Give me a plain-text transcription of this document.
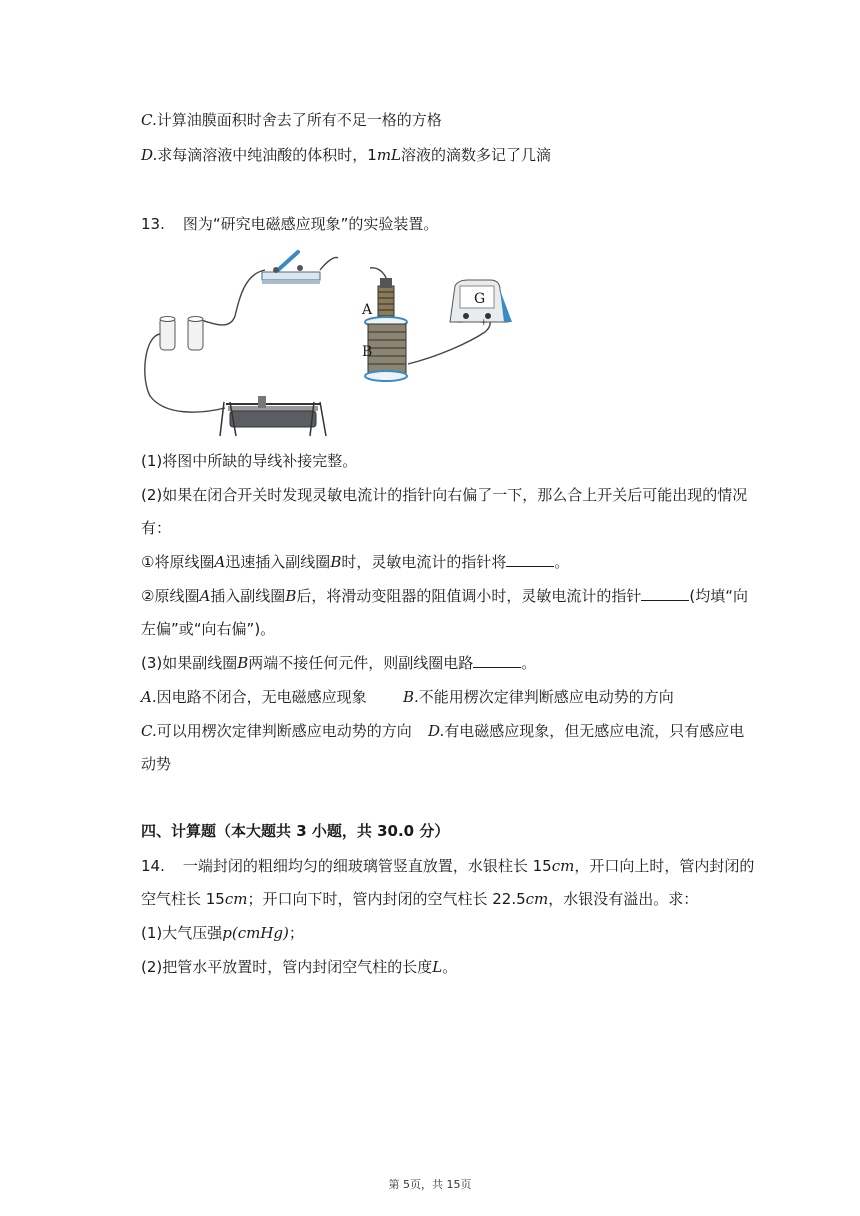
C.计算油膜面积时舍去了所有不足一格的方格
D.求每滴溶液中纯油酸的体积时，1mL溶液的滴数多记了几滴
13. 图为“研究电磁感应现象”的实验装置。
A
B
G
− +
(1)将图中所缺的导线补接完整。
(2)如果在闭合开关时发现灵敏电流计的指针向右偏了一下，那么合上开关后可能出现的情况
有：
①将原线圈A迅速插入副线圈B时，灵敏电流计的指针将	。
②原线圈A插入副线圈B后，将滑动变阻器的阻值调小时，灵敏电流计的指针	(均填“向
左偏”或“向右偏”)。
(3)如果副线圈B两端不接任何元件，则副线圈电路	。
A.因电路不闭合，无电磁感应现象 B.不能用楞次定律判断感应电动势的方向
C.可以用楞次定律判断感应电动势的方向 D.有电磁感应现象，但无感应电流，只有感应电
动势
四、计算题（本大题共 3 小题，共 30.0 分）
14. 一端封闭的粗细均匀的细玻璃管竖直放置，水银柱长 15cm，开口向上时，管内封闭的
空气柱长 15cm；开口向下时，管内封闭的空气柱长 22.5cm，水银没有溢出。求：
(1)大气压强p(cmHg)；
(2)把管水平放置时，管内封闭空气柱的长度L。
第 5页，共 15页
